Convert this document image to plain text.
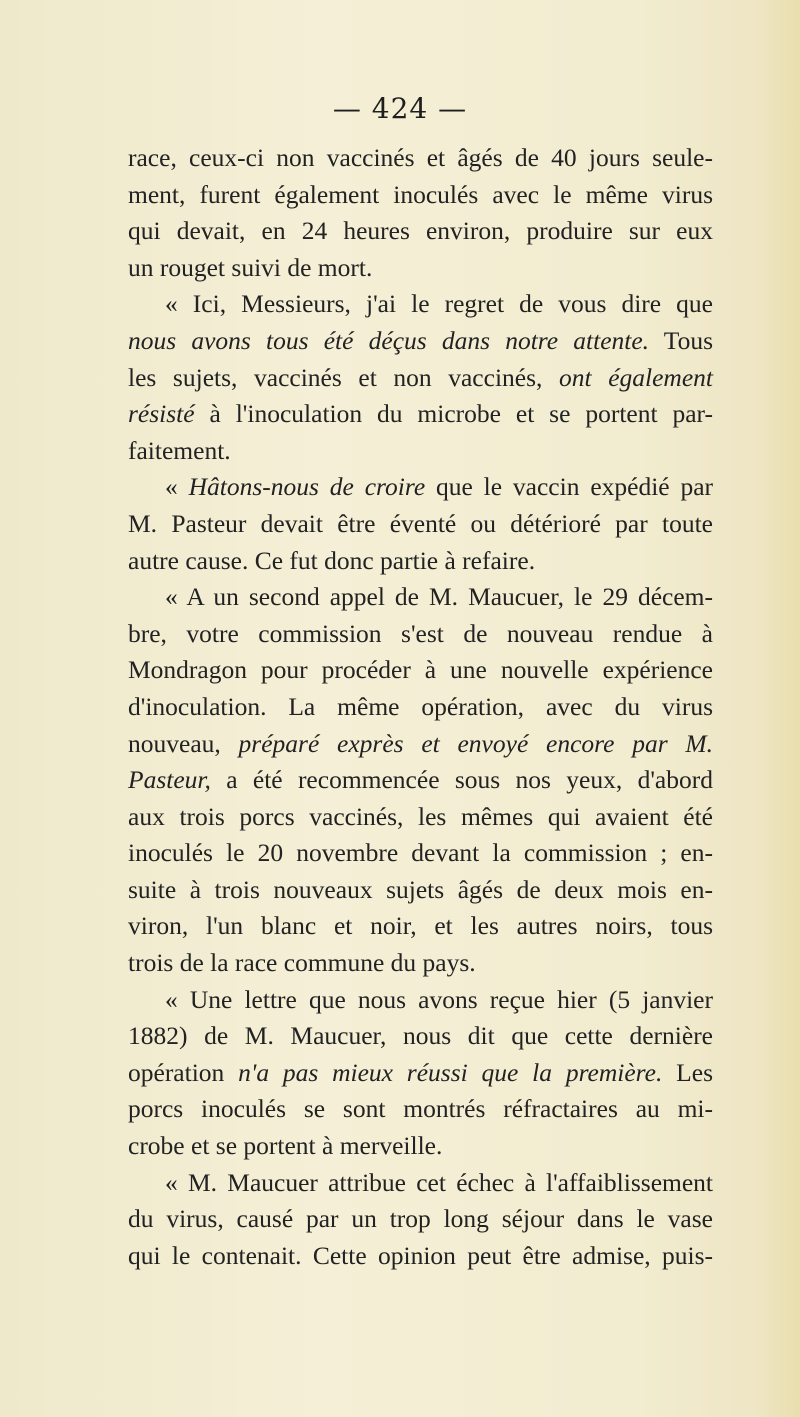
— 424 —
race, ceux-ci non vaccinés et âgés de 40 jours seule-
ment, furent également inoculés avec le même virus
qui devait, en 24 heures environ, produire sur eux
un rouget suivi de mort.
« Ici, Messieurs, j'ai le regret de vous dire que
nous avons tous été déçus dans notre attente. Tous
les sujets, vaccinés et non vaccinés, ont également
résisté à l'inoculation du microbe et se portent par-
faitement.
« Hâtons-nous de croire que le vaccin expédié par
M. Pasteur devait être éventé ou détérioré par toute
autre cause. Ce fut donc partie à refaire.
« A un second appel de M. Maucuer, le 29 décem-
bre, votre commission s'est de nouveau rendue à
Mondragon pour procéder à une nouvelle expérience
d'inoculation. La même opération, avec du virus
nouveau, préparé exprès et envoyé encore par M.
Pasteur, a été recommencée sous nos yeux, d'abord
aux trois porcs vaccinés, les mêmes qui avaient été
inoculés le 20 novembre devant la commission ; en-
suite à trois nouveaux sujets âgés de deux mois en-
viron, l'un blanc et noir, et les autres noirs, tous
trois de la race commune du pays.
« Une lettre que nous avons reçue hier (5 janvier
1882) de M. Maucuer, nous dit que cette dernière
opération n'a pas mieux réussi que la première. Les
porcs inoculés se sont montrés réfractaires au mi-
crobe et se portent à merveille.
« M. Maucuer attribue cet échec à l'affaiblissement
du virus, causé par un trop long séjour dans le vase
qui le contenait. Cette opinion peut être admise, puis-
